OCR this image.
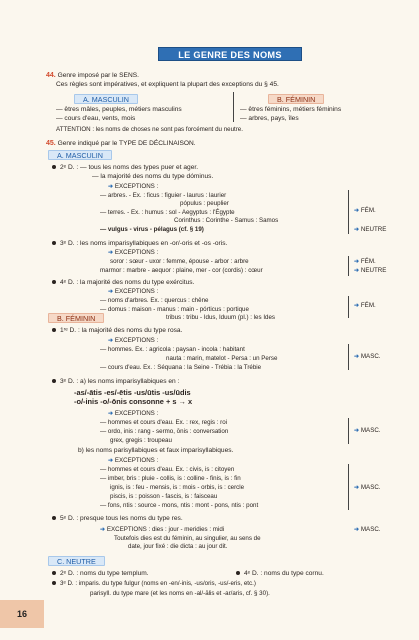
LE GENRE DES NOMS
44. Genre imposé par le SENS.
Ces règles sont impératives, et expliquent la plupart des exceptions du § 45.
A. MASCULIN	B. FÉMININ
— êtres mâles, peuples, métiers masculins
— cours d'eau, vents, mois
— êtres féminins, métiers féminins
— arbres, pays, îles
ATTENTION : les noms de choses ne sont pas forcément du neutre.
45. Genre indiqué par le TYPE DE DÉCLINAISON.
A. MASCULIN
2ᵉ D. : — tous les noms des types puer et ager.
— la majorité des noms du type dóminus.
➜ EXCEPTIONS :
— arbres. - Ex. : ficus : figuier - laurus : laurier
pópulus : peuplier
— terres. - Ex. : humus : sol - Aegyptus : l'Égypte
Corinthus : Corinthe - Samus : Samos
— vulgus - virus - pélagus (cf. § 19)
➜ FÉM.
➜ NEUTRE
3ᵉ D. : les noms imparisyllabiques en -or/-oris et -os -oris.
➜ EXCEPTIONS :
soror : sœur - uxor : femme, épouse - arbor : arbre
marmor : marbre - aequor : plaine, mer - cor (cordis) : cœur
➜ FÉM.
➜ NEUTRE
4ᵉ D. : la majorité des noms du type exércitus.
➜ EXCEPTIONS :
— noms d'arbres. Ex. : quercus : chêne
— domus : maison - manus : main - pórticus : portique
tribus : tribu - Idus, Iduum (pl.) : les Ides
➜ FÉM.
B. FÉMININ
1ʳᵉ D. : la majorité des noms du type rosa.
➜ EXCEPTIONS :
— hommes. Ex. : agricola : paysan - incola : habitant
nauta : marin, matelot - Persa : un Perse
— cours d'eau. Ex. : Séquana : la Seine - Trébia : la Trébie
➜ MASC.
3ᵉ D. : a) les noms imparisyllabiques en :
-as/-ātis -es/-ētis -us/ūtis -us/ūdis
-o/-inis -o/-ōnis consonne + s → x
➜ EXCEPTIONS :
— hommes et cours d'eau. Ex. : rex, regis : roi
— ordo, inis : rang - sermo, ōnis : conversation
grex, gregis : troupeau
➜ MASC.
b) les noms parisyllabiques et faux imparisyllabiques.
➜ EXCEPTIONS :
— hommes et cours d'eau. Ex. : civis, is : citoyen
— imber, bris : pluie - collis, is : colline - finis, is : fin
ignis, is : feu - mensis, is : mois - orbis, is : cercle
piscis, is : poisson - fascis, is : faisceau
— fons, ntis : source - mons, ntis : mont - pons, ntis : pont
➜ MASC.
5ᵉ D. : presque tous les noms du type res.
➜ EXCEPTIONS : dies : jour - meridies : midi
Toutefois dies est du féminin, au singulier, au sens de
date, jour fixé : die dicta : au jour dit.
➜ MASC.
C. NEUTRE
2ᵉ D. : noms du type templum.	4ᵉ D. : noms du type cornu.
3ᵉ D. : imparis. du type fulgur (noms en -en/-inis, -us/oris, -us/-eris, etc.)
parisyll. du type mare (et les noms en -al/-ālis et -ar/aris, cf. § 30).
16
